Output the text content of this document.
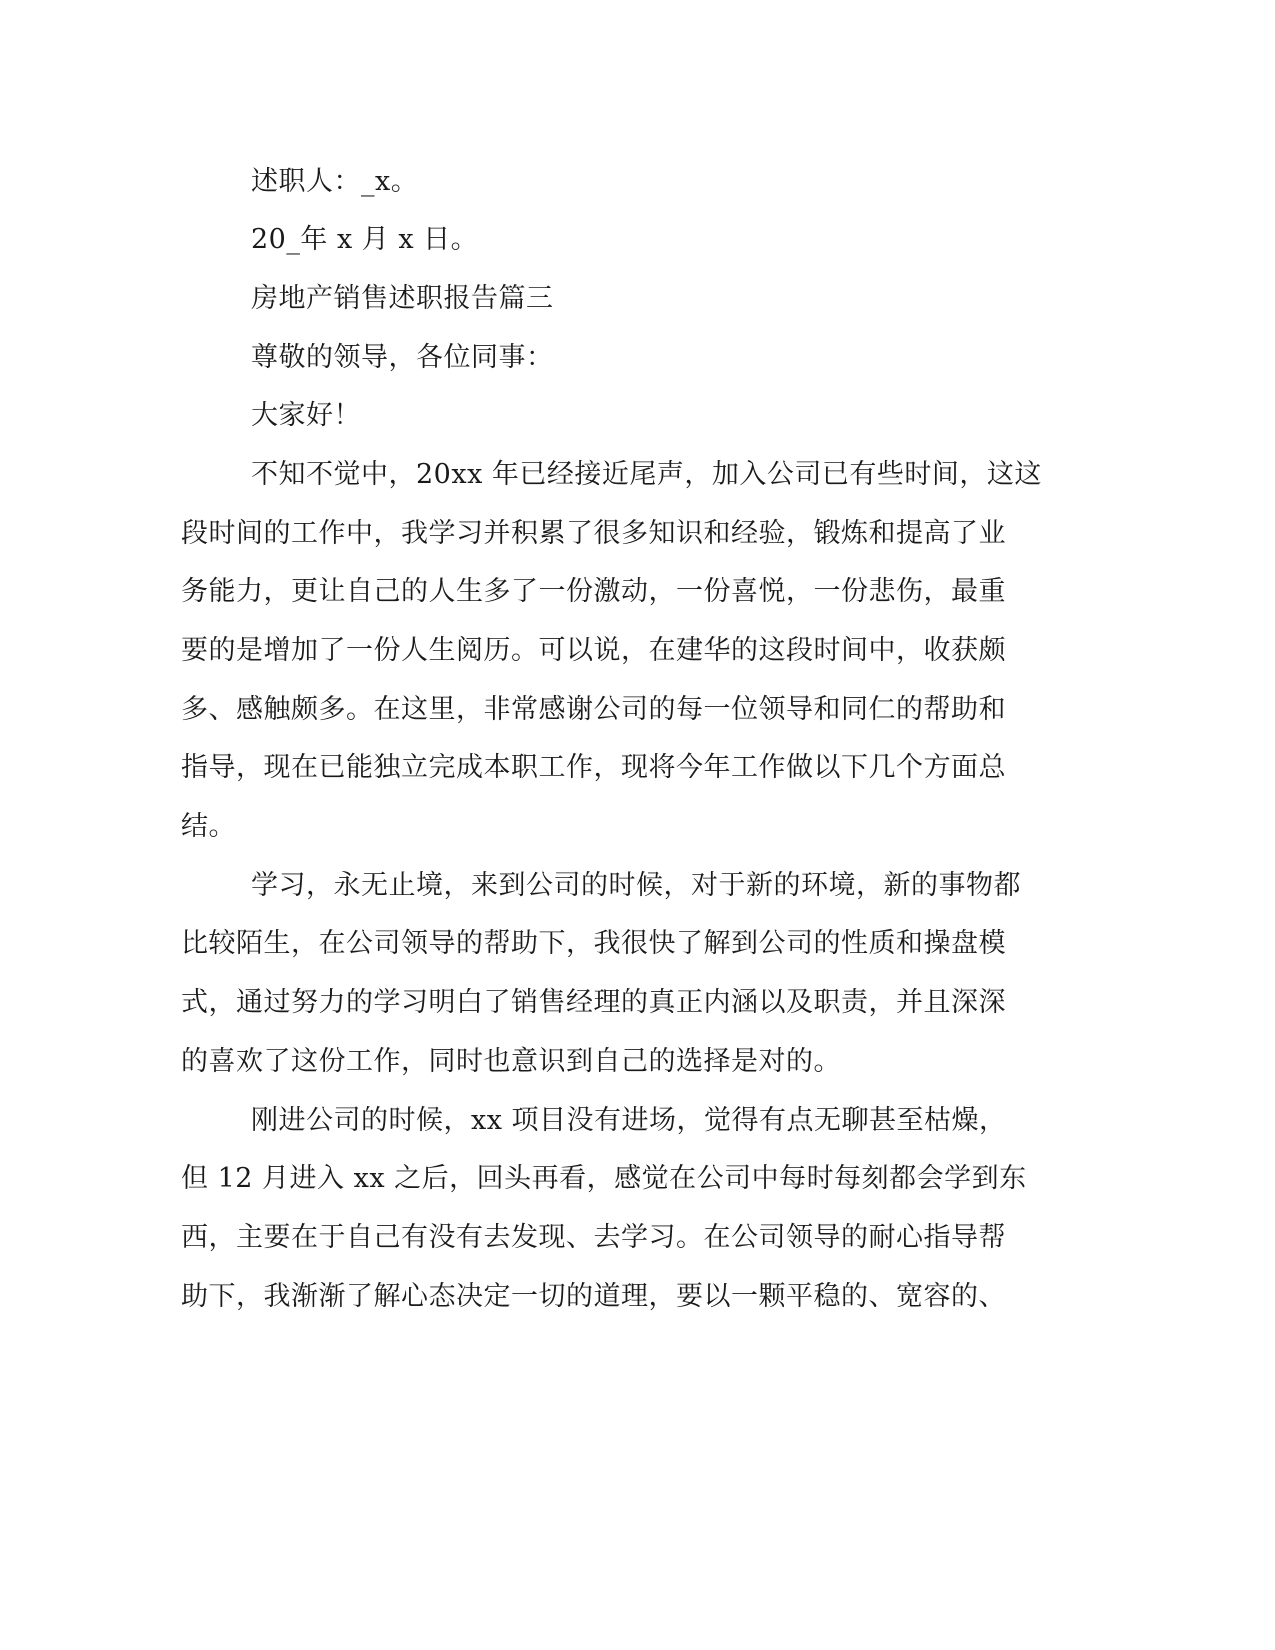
述职人：_x。
20_年 x 月 x 日。
房地产销售述职报告篇三
尊敬的领导，各位同事：
大家好！
不知不觉中，20xx 年已经接近尾声，加入公司已有些时间，这这
段时间的工作中，我学习并积累了很多知识和经验，锻炼和提高了业
务能力，更让自己的人生多了一份激动，一份喜悦，一份悲伤，最重
要的是增加了一份人生阅历。可以说，在建华的这段时间中，收获颇
多、感触颇多。在这里，非常感谢公司的每一位领导和同仁的帮助和
指导，现在已能独立完成本职工作，现将今年工作做以下几个方面总
结。
学习，永无止境，来到公司的时候，对于新的环境，新的事物都
比较陌生，在公司领导的帮助下，我很快了解到公司的性质和操盘模
式，通过努力的学习明白了销售经理的真正内涵以及职责，并且深深
的喜欢了这份工作，同时也意识到自己的选择是对的。
刚进公司的时候，xx 项目没有进场，觉得有点无聊甚至枯燥，
但 12 月进入 xx 之后，回头再看，感觉在公司中每时每刻都会学到东
西，主要在于自己有没有去发现、去学习。在公司领导的耐心指导帮
助下，我渐渐了解心态决定一切的道理，要以一颗平稳的、宽容的、
